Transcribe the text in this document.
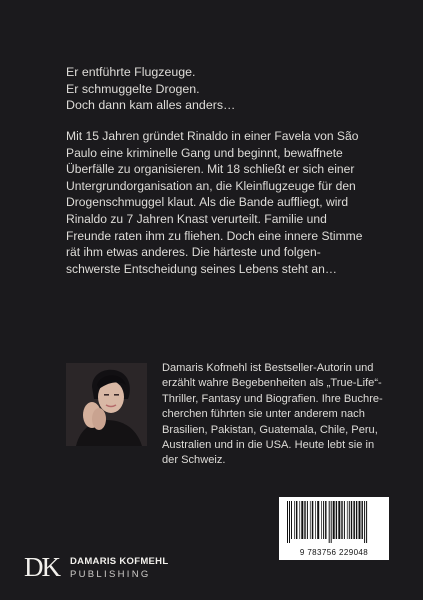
Er entführte Flugzeuge.
Er schmuggelte Drogen.
Doch dann kam alles anders…
Mit 15 Jahren gründet Rinaldo in einer Favela von São
Paulo eine kriminelle Gang und beginnt, bewaffnete
Überfälle zu organisieren. Mit 18 schließt er sich einer
Untergrundorganisation an, die Kleinflugzeuge für den
Drogenschmuggel klaut. Als die Bande auffliegt, wird
Rinaldo zu 7 Jahren Knast verurteilt. Familie und
Freunde raten ihm zu fliehen. Doch eine innere Stimme
rät ihm etwas anderes. Die härteste und folgen-
schwerste Entscheidung seines Lebens steht an…
Damaris Kofmehl ist Bestseller-Autorin und
erzählt wahre Begebenheiten als „True-Life“-
Thriller, Fantasy und Biografien. Ihre Buchre-
cherchen führten sie unter anderem nach
Brasilien, Pakistan, Guatemala, Chile, Peru,
Australien und in die USA. Heute lebt sie in
der Schweiz.
9 783756 229048
DK DAMARIS KOFMEHL
PUBLISHING
